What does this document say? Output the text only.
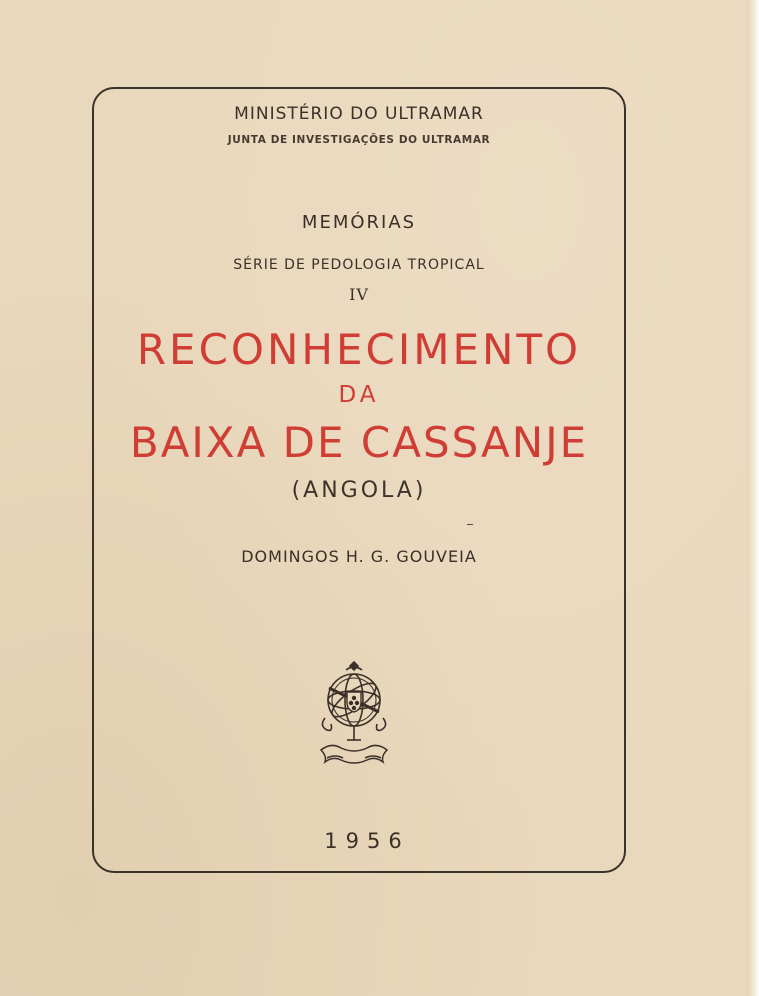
MINISTÉRIO DO ULTRAMAR
JUNTA DE INVESTIGAÇÕES DO ULTRAMAR
MEMÓRIAS
SÉRIE DE PEDOLOGIA TROPICAL
IV
RECONHECIMENTO
DA
BAIXA DE CASSANJE
(ANGOLA)
DOMINGOS H. G. GOUVEIA
1956
